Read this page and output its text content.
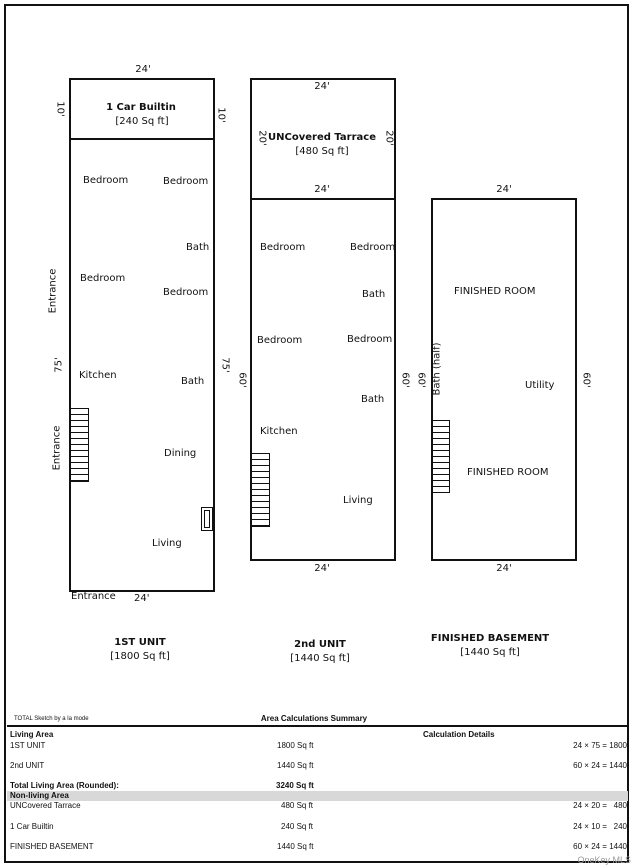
24'
1 Car Builtin
[240 Sq ft]
10'	10'
Bedroom	Bedroom
Bath
Bedroom
Bedroom
Kitchen
Bath
Dining
Living
Entrance
Entrance
75'	75'
60'
Entrance 24'
1ST UNIT
[1800 Sq ft]
24'
UNCovered Tarrace
[480 Sq ft]
20'	20'
24'
Bedroom	Bedroom
Bath
Bedroom	Bedroom
Bath
Kitchen
Living
60'
24'
2nd UNIT
[1440 Sq ft]
24'
FINISHED ROOM
Bath (half)	Utility
FINISHED ROOM
60'	60'
24'
FINISHED BASEMENT
[1440 Sq ft]
TOTAL Sketch by a la mode	Area Calculations Summary
Living Area	Calculation Details
1ST UNIT	1800 Sq ft	24 × 75 = 1800
2nd UNIT	1440 Sq ft	60 × 24 = 1440
Total Living Area (Rounded):	3240 Sq ft
Non-living Area
UNCovered Tarrace	480 Sq ft	24 × 20 =   480
1 Car Builtin	240 Sq ft	24 × 10 =   240
FINISHED BASEMENT	1440 Sq ft	60 × 24 = 1440
OneKey MLS
